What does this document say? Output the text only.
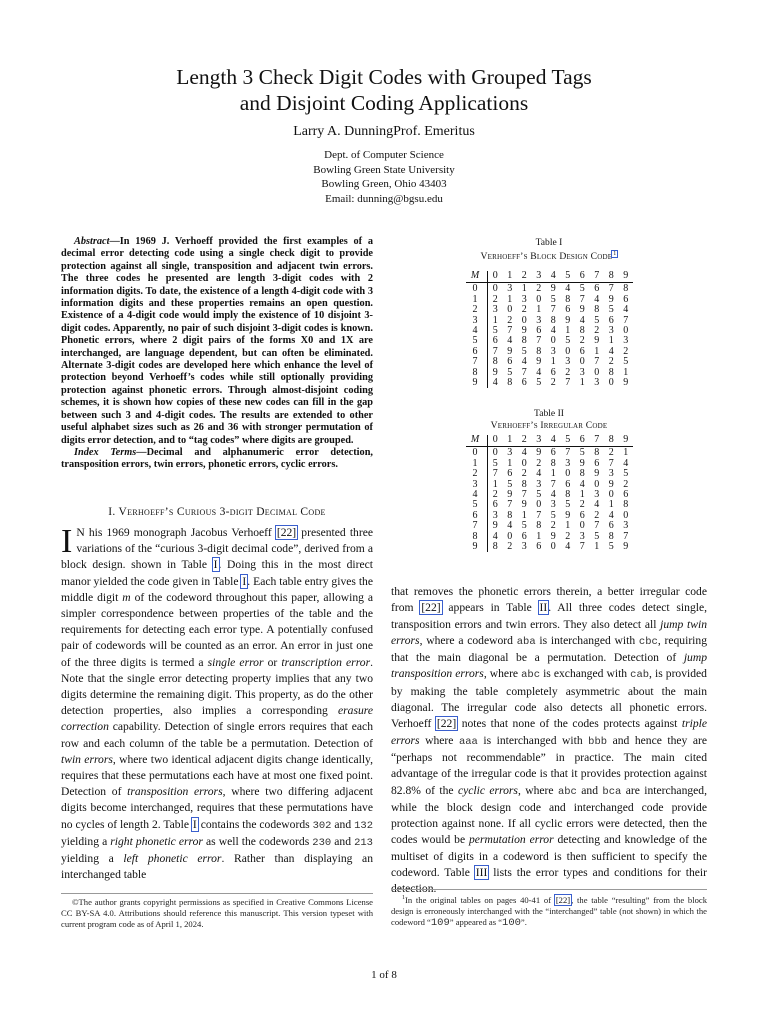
Length 3 Check Digit Codes with Grouped Tags
and Disjoint Coding Applications
Larry A. DunningProf. Emeritus
Dept. of Computer Science
Bowling Green State University
Bowling Green, Ohio 43403
Email: dunning@bgsu.edu

Abstract—In 1969 J. Verhoeff provided the first examples of a decimal error detecting code using a single check digit to provide protection against all single, transposition and adjacent twin errors. The three codes he presented are length 3-digit codes with 2 information digits. To date, the existence of a length 4-digit code with 3 information digits and these properties remains an open question. Existence of a 4-digit code would imply the existence of 10 disjoint 3-digit codes. Apparently, no pair of such disjoint 3-digit codes is known. Phonetic errors, where 2 digit pairs of the forms X0 and 1X are interchanged, are language dependent, but can often be eliminated. Alternate 3-digit codes are developed here which enhance the level of protection beyond Verhoeff’s codes while still optionally providing protection against phonetic errors. Through almost-disjoint coding schemes, it is shown how copies of these new codes can fill in the gap between such 3 and 4-digit codes. The results are extended to other useful alphabet sizes such as 26 and 36 with stronger permutation of digits error detection, and to “tag codes” where digits are grouped.

Index Terms—Decimal and alphanumeric error detection, transposition errors, twin errors, phonetic errors, cyclic errors.

I. Verhoeff’s Curious 3-digit Decimal Code

I N his 1969 monograph Jacobus Verhoeff [22] presented three variations of the “curious 3-digit decimal code”, derived from a block design. shown in Table I. Doing this in the most direct manor yielded the code given in Table I. Each table entry gives the middle digit m of the codeword throughout this paper, allowing a simpler correspondence between properties of the table and the requirements for detecting each error type. A potentially confused pair of codewords will be counted as an error. An error in just one of the three digits is termed a single error or transcription error. Note that the single error detecting property implies that any two digits determine the remaining digit. This property, as do the other detection properties, also implies a corresponding erasure correction capability. Detection of single errors requires that each row and each column of the table be a permutation. Detection of twin errors, where two identical adjacent digits change identically, requires that these permutations each have at most one fixed point. Detection of transposition errors, where two differing adjacent digits become interchanged, requires that these permutations have no cycles of length 2. Table I contains the codewords 302 and 132 yielding a right phonetic error as well the codewords 230 and 213 yielding a left phonetic error. Rather than displaying an interchanged table

Table I
Verhoeff’s Block Design Code$^1$
M	0	1	2	3	4	5	6	7	8	9
0	0	3	1	2	9	4	5	6	7	8
1	2	1	3	0	5	8	7	4	9	6
2	3	0	2	1	7	6	9	8	5	4
3	1	2	0	3	8	9	4	5	6	7
4	5	7	9	6	4	1	8	2	3	0
5	6	4	8	7	0	5	2	9	1	3
6	7	9	5	8	3	0	6	1	4	2
7	8	6	4	9	1	3	0	7	2	5
8	9	5	7	4	6	2	3	0	8	1
9	4	8	6	5	2	7	1	3	0	9
Table II
Verhoeff’s Irregular Code
M	0	1	2	3	4	5	6	7	8	9
0	0	3	4	9	6	7	5	8	2	1
1	5	1	0	2	8	3	9	6	7	4
2	7	6	2	4	1	0	8	9	3	5
3	1	5	8	3	7	6	4	0	9	2
4	2	9	7	5	4	8	1	3	0	6
5	6	7	9	0	3	5	2	4	1	8
6	3	8	1	7	5	9	6	2	4	0
7	9	4	5	8	2	1	0	7	6	3
8	4	0	6	1	9	2	3	5	8	7
9	8	2	3	6	0	4	7	1	5	9

that removes the phonetic errors therein, a better irregular code from [22] appears in Table II. All three codes detect single, transposition errors and twin errors. They also detect all jump twin errors, where a codeword aba is interchanged with cbc, requiring that the main diagonal be a permutation. Detection of jump transposition errors, where abc is exchanged with cab, is provided by making the table completely asymmetric about the main diagonal. The irregular code also detects all phonetic errors. Verhoeff [22] notes that none of the codes protects against triple errors where aaa is interchanged with bbb and hence they are “perhaps not recommendable” in practice. The main cited advantage of the irregular code is that it provides protection against 82.8% of the cyclic errors, where abc and bca are interchanged, while the block design code and interchanged code provide protection against none. If all cyclic errors were detected, then the codes would be permutation error detecting and knowledge of the multiset of digits in a codeword is then sufficient to specify the codeword. Table III lists the error types and conditions for their detection.

©The author grants copyright permissions as specified in Creative Commons License CC BY-SA 4.0. Attributions should reference this manuscript. This version typeset with current program code as of April 1, 2024.

$^1$In the original tables on pages 40-41 of [22], the table “resulting” from the block design is erroneously interchanged with the “interchanged” table (not shown) in which the codeword “109” appeared as “100”.

1 of 8
